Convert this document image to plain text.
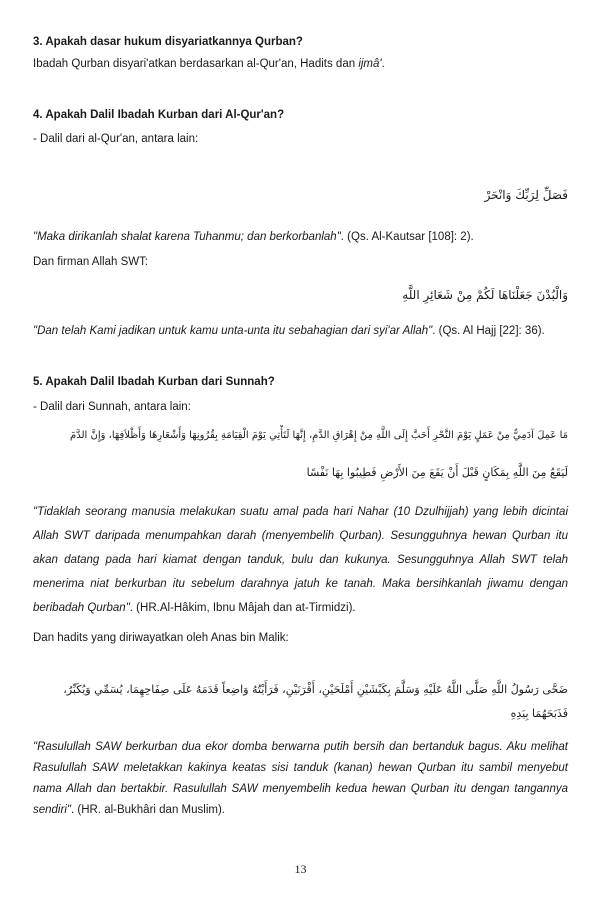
3. Apakah dasar hukum disyariatkannya Qurban?
Ibadah Qurban disyari'atkan berdasarkan al-Qur'an, Hadits dan ijmâ'.
4. Apakah Dalil Ibadah Kurban dari Al-Qur'an?
- Dalil dari al-Qur'an, antara lain:
فَصَلِّ لِرَبِّكَ وَانْحَرْ
"Maka dirikanlah shalat karena Tuhanmu; dan berkorbanlah". (Qs. Al-Kautsar [108]: 2).
Dan firman Allah SWT:
وَالْبُدْنَ جَعَلْنَاهَا لَكُمْ مِنْ شَعَائِرِ اللَّهِ
"Dan telah Kami jadikan untuk kamu unta-unta itu sebahagian dari syi'ar Allah". (Qs. Al Hajj [22]: 36).
5. Apakah Dalil Ibadah Kurban dari Sunnah?
- Dalil dari Sunnah, antara lain:
مَا عَمِلَ آدَمِيٌّ مِنْ عَمَلٍ يَوْمَ النَّحْرِ أَحَبَّ إِلَى اللَّهِ مِنْ إِهْرَاقِ الدَّمِ، إِنَّهَا لَتَأْتِي يَوْمَ الْقِيَامَةِ بِقُرُونِهَا وَأَشْعَارِهَا وَأَظْلاَفِهَا، وَإِنَّ الدَّمَ
لَيَقَعُ مِنَ اللَّهِ بِمَكَانٍ قَبْلَ أَنْ يَقَعَ مِنَ الأَرْضِ فَطِيبُوا بِهَا نَفْسًا
"Tidaklah seorang manusia melakukan suatu amal pada hari Nahar (10 Dzulhijjah) yang lebih dicintai Allah SWT daripada menumpahkan darah (menyembelih Qurban). Sesungguhnya hewan Qurban itu akan datang pada hari kiamat dengan tanduk, bulu dan kukunya. Sesungguhnya Allah SWT telah menerima niat berkurban itu sebelum darahnya jatuh ke tanah. Maka bersihkanlah jiwamu dengan beribadah Qurban". (HR.Al-Hâkim, Ibnu Mâjah dan at-Tirmidzi).
Dan hadits yang diriwayatkan oleh Anas bin Malik:
ضَحَّى رَسُولُ اللَّهِ صَلَّى اللَّهُ عَلَيْهِ وَسَلَّمَ بِكَبْشَيْنِ أَمْلَحَيْنِ، أَقْرَنَيْنِ، فَرَأَيْتُهُ وَاضِعاً قَدَمَهُ عَلَى صِفَاحِهِمَا، يُسَمِّي وَيُكَبِّرُ، فَذَبَحَهُمَا بِيَدِهِ
"Rasulullah SAW berkurban dua ekor domba berwarna putih bersih dan bertanduk bagus. Aku melihat Rasulullah SAW meletakkan kakinya keatas sisi tanduk (kanan) hewan Qurban itu sambil menyebut nama Allah dan bertakbir. Rasulullah SAW menyembelih kedua hewan Qurban itu dengan tangannya sendiri". (HR. al-Bukhâri dan Muslim).
13
